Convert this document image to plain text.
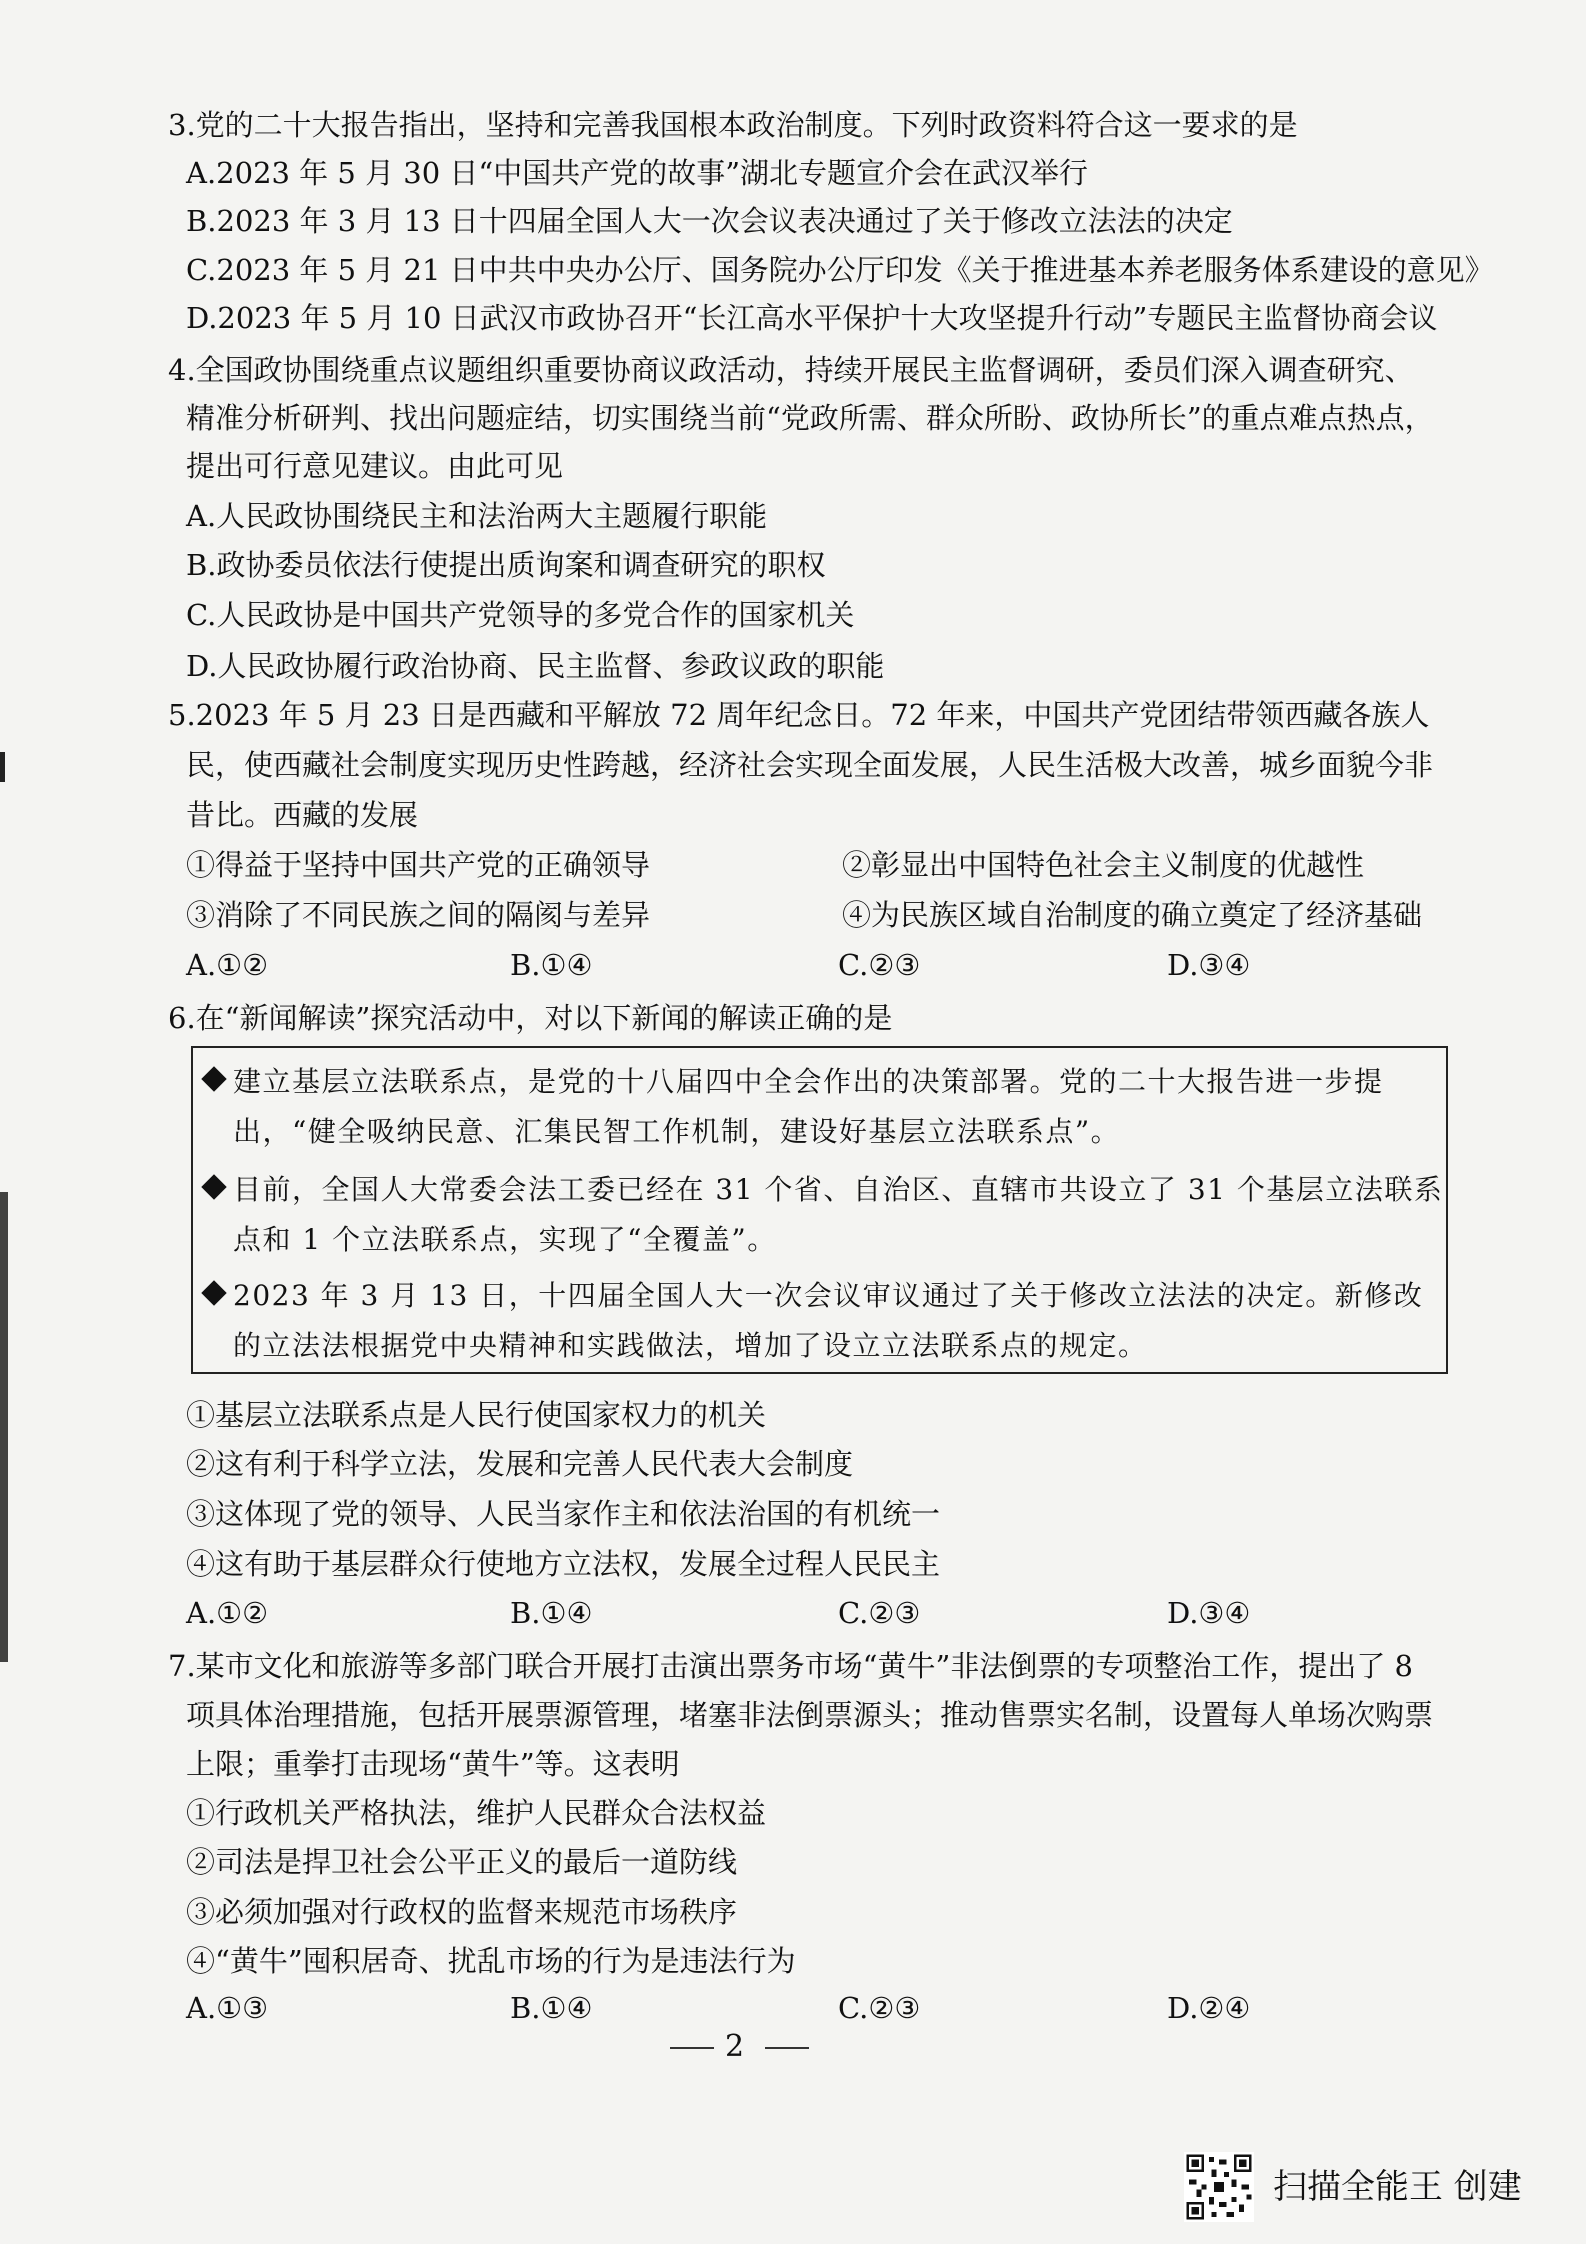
3.党的二十大报告指出，坚持和完善我国根本政治制度。下列时政资料符合这一要求的是
A.2023 年 5 月 30 日“中国共产党的故事”湖北专题宣介会在武汉举行
B.2023 年 3 月 13 日十四届全国人大一次会议表决通过了关于修改立法法的决定
C.2023 年 5 月 21 日中共中央办公厅、国务院办公厅印发《关于推进基本养老服务体系建设的意见》
D.2023 年 5 月 10 日武汉市政协召开“长江高水平保护十大攻坚提升行动”专题民主监督协商会议
4.全国政协围绕重点议题组织重要协商议政活动，持续开展民主监督调研，委员们深入调查研究、
精准分析研判、找出问题症结，切实围绕当前“党政所需、群众所盼、政协所长”的重点难点热点，
提出可行意见建议。由此可见
A.人民政协围绕民主和法治两大主题履行职能
B.政协委员依法行使提出质询案和调查研究的职权
C.人民政协是中国共产党领导的多党合作的国家机关
D.人民政协履行政治协商、民主监督、参政议政的职能
5.2023 年 5 月 23 日是西藏和平解放 72 周年纪念日。72 年来，中国共产党团结带领西藏各族人
民，使西藏社会制度实现历史性跨越，经济社会实现全面发展，人民生活极大改善，城乡面貌今非
昔比。西藏的发展
①得益于坚持中国共产党的正确领导	②彰显出中国特色社会主义制度的优越性
③消除了不同民族之间的隔阂与差异	④为民族区域自治制度的确立奠定了经济基础
A.①②	B.①④	C.②③	D.③④
6.在“新闻解读”探究活动中，对以下新闻的解读正确的是
建立基层立法联系点，是党的十八届四中全会作出的决策部署。党的二十大报告进一步提
出，“健全吸纳民意、汇集民智工作机制，建设好基层立法联系点”。
目前，全国人大常委会法工委已经在 31 个省、自治区、直辖市共设立了 31 个基层立法联系
点和 1 个立法联系点，实现了“全覆盖”。
2023 年 3 月 13 日，十四届全国人大一次会议审议通过了关于修改立法法的决定。新修改
的立法法根据党中央精神和实践做法，增加了设立立法联系点的规定。
①基层立法联系点是人民行使国家权力的机关
②这有利于科学立法，发展和完善人民代表大会制度
③这体现了党的领导、人民当家作主和依法治国的有机统一
④这有助于基层群众行使地方立法权，发展全过程人民民主
A.①②	B.①④	C.②③	D.③④
7.某市文化和旅游等多部门联合开展打击演出票务市场“黄牛”非法倒票的专项整治工作，提出了 8
项具体治理措施，包括开展票源管理，堵塞非法倒票源头；推动售票实名制，设置每人单场次购票
上限；重拳打击现场“黄牛”等。这表明
①行政机关严格执法，维护人民群众合法权益
②司法是捍卫社会公平正义的最后一道防线
③必须加强对行政权的监督来规范市场秩序
④“黄牛”囤积居奇、扰乱市场的行为是违法行为
A.①③	B.①④	C.②③	D.②④
2
扫描全能王 创建
